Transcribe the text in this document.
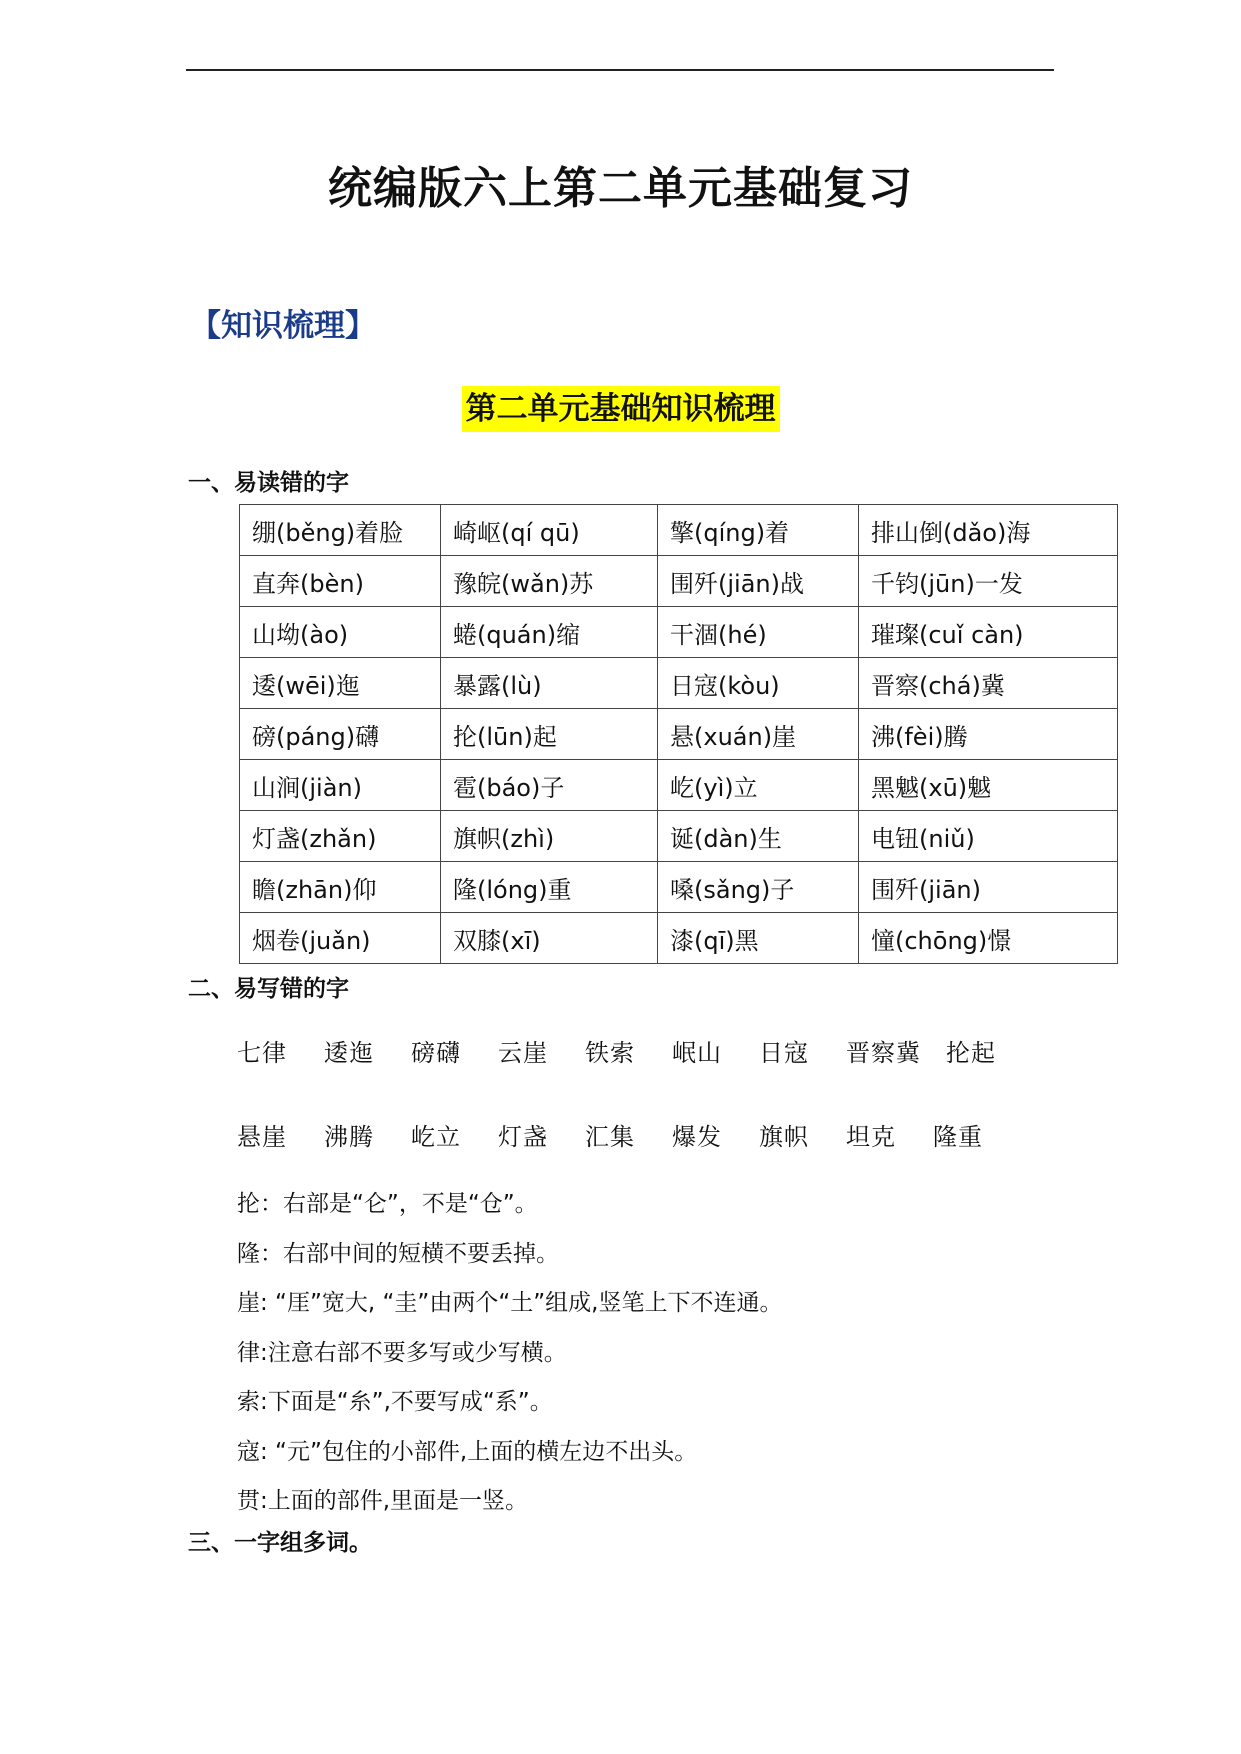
统编版六上第二单元基础复习
【知识梳理】
第二单元基础知识梳理
一、易读错的字
绷(běng)着脸	崎岖(qí qū)	擎(qíng)着	排山倒(dǎo)海
直奔(bèn)	豫皖(wǎn)苏	围歼(jiān)战	千钧(jūn)一发
山坳(ào)	蜷(quán)缩	干涸(hé)	璀璨(cuǐ càn)
逶(wēi)迤	暴露(lù)	日寇(kòu)	晋察(chá)冀
磅(páng)礴	抡(lūn)起	悬(xuán)崖	沸(fèi)腾
山涧(jiàn)	雹(báo)子	屹(yì)立	黑魆(xū)魆
灯盏(zhǎn)	旗帜(zhì)	诞(dàn)生	电钮(niǔ)
瞻(zhān)仰	隆(lóng)重	嗓(sǎng)子	围歼(jiān)
烟卷(juǎn)	双膝(xī)	漆(qī)黑	憧(chōng)憬
二、易写错的字
七律 逶迤 磅礴 云崖 铁索 岷山 日寇 晋察冀 抡起
悬崖 沸腾 屹立 灯盏 汇集 爆发 旗帜 坦克 隆重
抡：右部是“仑”，不是“仓”。
隆：右部中间的短横不要丢掉。
崖: “厓”宽大, “圭”由两个“土”组成,竖笔上下不连通。
律:注意右部不要多写或少写横。
索:下面是“糸”,不要写成“系”。
寇: “元”包住的小部件,上面的横左边不出头。
贯:上面的部件,里面是一竖。
三、一字组多词。
